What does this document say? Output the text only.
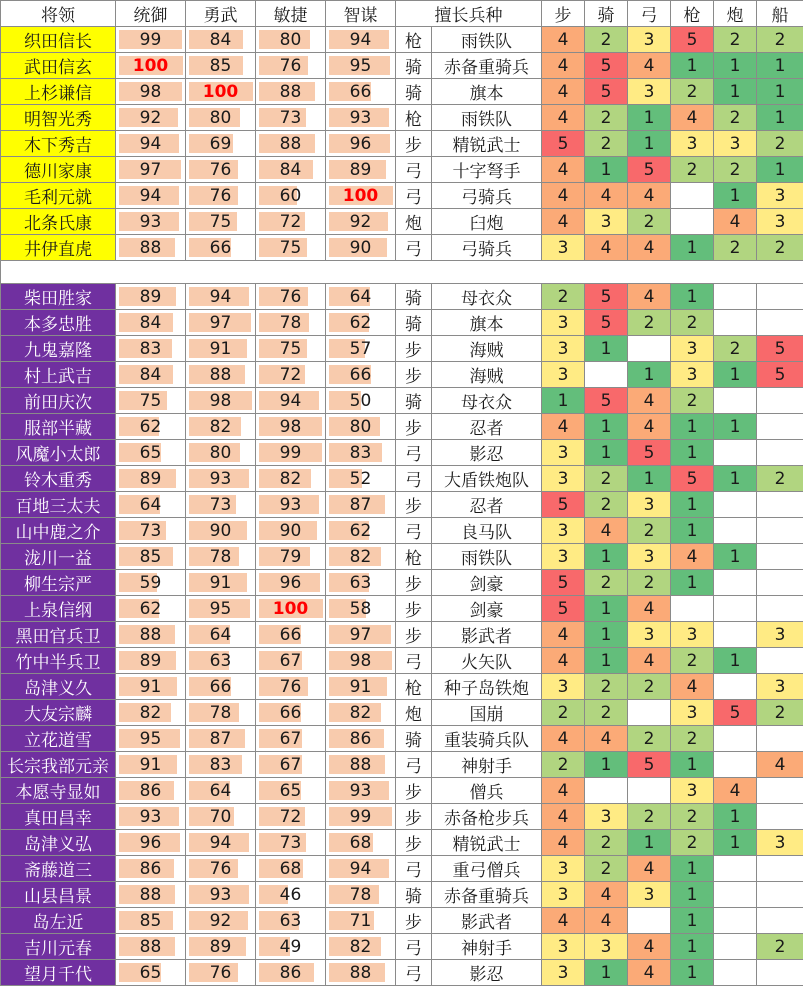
将领	统御	勇武	敏捷	智谋	擅长兵种		步	骑	弓	枪	炮	船
织田信长	99	84	80	94	枪	雨铁队	4	2	3	5	2	2
武田信玄	100	85	76	95	骑	赤备重骑兵	4	5	4	1	1	1
上杉谦信	98	100	88	66	骑	旗本	4	5	3	2	1	1
明智光秀	92	80	73	93	枪	雨铁队	4	2	1	4	2	1
木下秀吉	94	69	88	96	步	精锐武士	5	2	1	3	3	2
德川家康	97	76	84	89	弓	十字弩手	4	1	5	2	2	1
毛利元就	94	76	60	100	弓	弓骑兵	4	4	4		1	3
北条氏康	93	75	72	92	炮	臼炮	4	3	2		4	3
井伊直虎	88	66	75	90	弓	弓骑兵	3	4	4	1	2	2

柴田胜家	89	94	76	64	骑	母衣众	2	5	4	1		
本多忠胜	84	97	78	62	骑	旗本	3	5	2	2		
九鬼嘉隆	83	91	75	57	步	海贼	3	1		3	2	5
村上武吉	84	88	72	66	步	海贼	3		1	3	1	5
前田庆次	75	98	94	50	骑	母衣众	1	5	4	2		
服部半藏	62	82	98	80	步	忍者	4	1	4	1	1	
风魔小太郎	65	80	99	83	弓	影忍	3	1	5	1		
铃木重秀	89	93	82	52	弓	大盾铁炮队	3	2	1	5	1	2
百地三太夫	64	73	93	87	步	忍者	5	2	3	1		
山中鹿之介	73	90	90	62	弓	良马队	3	4	2	1		
泷川一益	85	78	79	82	枪	雨铁队	3	1	3	4	1	
柳生宗严	59	91	96	63	步	剑豪	5	2	2	1		
上泉信纲	62	95	100	58	步	剑豪	5	1	4			
黑田官兵卫	88	64	66	97	步	影武者	4	1	3	3		3
竹中半兵卫	89	63	67	98	弓	火矢队	4	1	4	2	1	
岛津义久	91	66	76	91	枪	种子岛铁炮	3	2	2	4		3
大友宗麟	82	78	66	82	炮	国崩	2	2		3	5	2
立花道雪	95	87	67	86	骑	重装骑兵队	4	4	2	2		
长宗我部元亲	91	83	67	88	弓	神射手	2	1	5	1		4
本愿寺显如	86	64	65	93	步	僧兵	4			3	4	
真田昌幸	93	70	72	99	步	赤备枪步兵	4	3	2	2	1	
岛津义弘	96	94	73	68	步	精锐武士	4	2	1	2	1	3
斋藤道三	86	76	68	94	弓	重弓僧兵	3	2	4	1		
山县昌景	88	93	46	78	骑	赤备重骑兵	3	4	3	1		
岛左近	85	92	63	71	步	影武者	4	4		1		
吉川元春	88	89	49	82	弓	神射手	3	3	4	1		2
望月千代	65	76	86	88	弓	影忍	3	1	4	1		
